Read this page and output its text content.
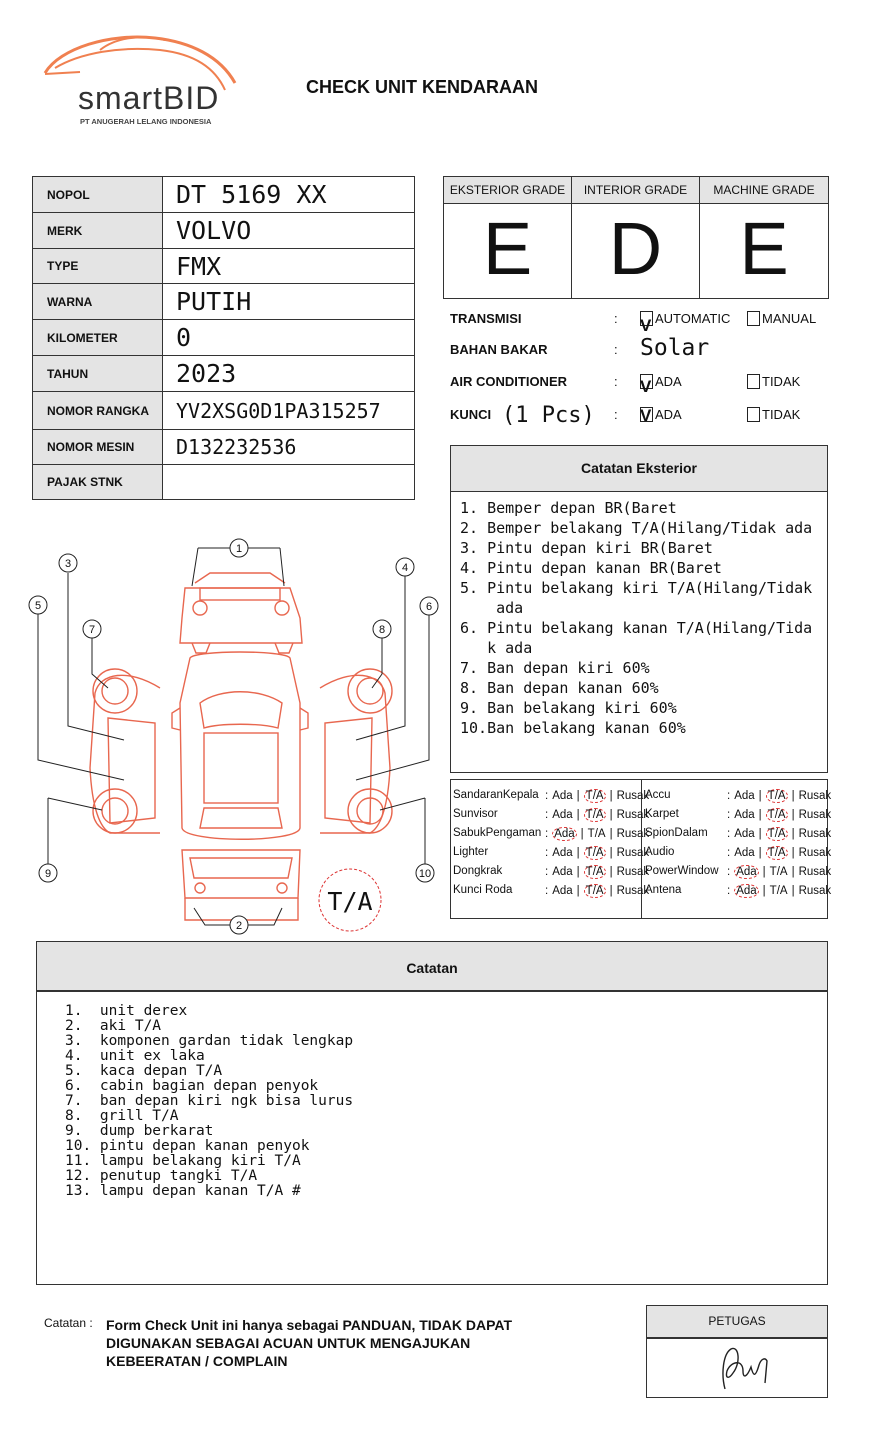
smartBID
PT ANUGERAH LELANG INDONESIA
CHECK UNIT KENDARAAN
NOPOL	DT 5169 XX
MERK	VOLVO
TYPE	FMX
WARNA	PUTIH
KILOMETER	0
TAHUN	2023
NOMOR RANGKA	YV2XSG0D1PA315257
NOMOR MESIN	D132232536
PAJAK STNK	
EKSTERIOR GRADE
E
INTERIOR GRADE
D
MACHINE GRADE
E
TRANSMISI	: V AUTOMATIC MANUAL
BAHAN BAKAR	: Solar
AIR CONDITIONER	: V ADA	TIDAK
KUNCI (1 Pcs) : V ADA	TIDAK
Catatan Eksterior
1. Bemper depan BR(Baret
2. Bemper belakang T/A(Hilang/Tidak ada
3. Pintu depan kiri BR(Baret
4. Pintu depan kanan BR(Baret
5. Pintu belakang kiri T/A(Hilang/Tidak
ada
6. Pintu belakang kanan T/A(Hilang/Tida
k ada
7. Ban depan kiri 60%
8. Ban depan kanan 60%
9. Ban belakang kiri 60%
10.Ban belakang kanan 60%
SandaranKepala : Ada | T/A | Rusak
Sunvisor	: Ada | T/A | Rusak
SabukPengaman : Ada | T/A | Rusak
Lighter	: Ada | T/A | Rusak
Dongkrak	: Ada | T/A | Rusak
Kunci Roda	: Ada | T/A | Rusak
Accu	: Ada | T/A | Rusak
Karpet	: Ada | T/A | Rusak
SpionDalam : Ada | T/A | Rusak
Audio	: Ada | T/A | Rusak
PowerWindow : Ada | T/A | Rusak
Antena	: Ada | T/A | Rusak
1
2
3	4
5	6
7	8
9	10
T/A
Catatan
1.  unit derex
2.  aki T/A
3.  komponen gardan tidak lengkap
4.  unit ex laka
5.  kaca depan T/A
6.  cabin bagian depan penyok
7.  ban depan kiri ngk bisa lurus
8.  grill T/A
9.  dump berkarat
10. pintu depan kanan penyok
11. lampu belakang kiri T/A
12. penutup tangki T/A
13. lampu depan kanan T/A #
Catatan : Form Check Unit ini hanya sebagai PANDUAN, TIDAK DAPAT DIGUNAKAN SEBAGAI ACUAN UNTUK MENGAJUKAN KEBEERATAN / COMPLAIN
PETUGAS
